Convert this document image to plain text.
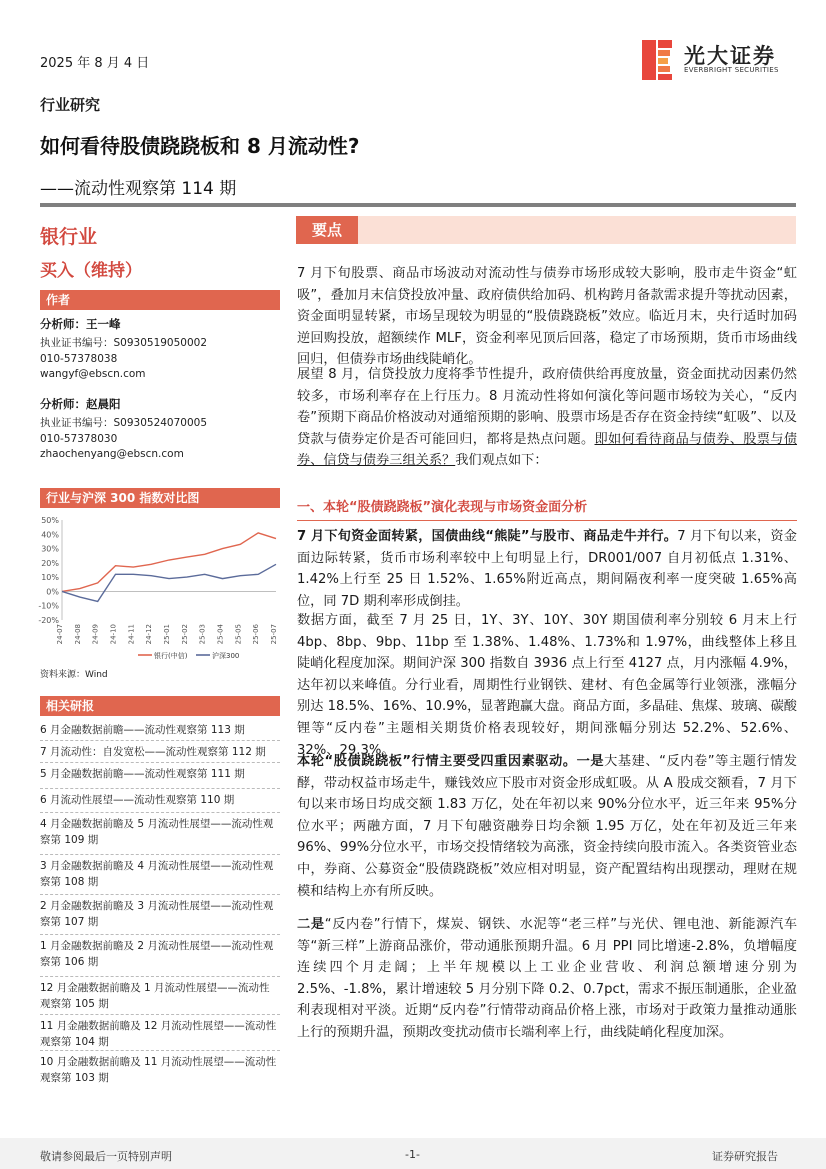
2025 年 8 月 4 日	光大证券
EVERBRIGHT SECURITIES
行业研究
如何看待股债跷跷板和 8 月流动性?
——流动性观察第 114 期
银行业
买入（维持）
作者
分析师：王一峰
执业证书编号：S0930519050002
010-57378038
wangyf@ebscn.com
分析师：赵晨阳
执业证书编号：S0930524070005
010-57378030
zhaochenyang@ebscn.com
行业与沪深 300 指数对比图
-20%
-10%
0%
10%
20%
30%
40%
50%
24-07 24-08 24-09 24-10 24-11 24-12 25-01 25-02 25-03 25-04 25-05 25-06 25-07
银行(中信)	沪深300
资料来源：Wind
相关研报
6 月金融数据前瞻——流动性观察第 113 期
7 月流动性：自发宽松——流动性观察第 112 期
5 月金融数据前瞻——流动性观察第 111 期
6 月流动性展望——流动性观察第 110 期
4 月金融数据前瞻及 5 月流动性展望——流动性观察第 109 期
3 月金融数据前瞻及 4 月流动性展望——流动性观察第 108 期
2 月金融数据前瞻及 3 月流动性展望——流动性观察第 107 期
1 月金融数据前瞻及 2 月流动性展望——流动性观察第 106 期
12 月金融数据前瞻及 1 月流动性展望——流动性观察第 105 期
11 月金融数据前瞻及 12 月流动性展望——流动性观察第 104 期
10 月金融数据前瞻及 11 月流动性展望——流动性观察第 103 期
要点
7 月下旬股票、商品市场波动对流动性与债券市场形成较大影响，股市走牛资金“虹吸”，叠加月末信贷投放冲量、政府债供给加码、机构跨月备款需求提升等扰动因素，资金面明显转紧，市场呈现较为明显的“股债跷跷板”效应。临近月末，央行适时加码逆回购投放，超额续作 MLF，资金利率见顶后回落，稳定了市场预期，货币市场曲线回归，但债券市场曲线陡峭化。
展望 8 月，信贷投放力度将季节性提升，政府债供给再度放量，资金面扰动因素仍然较多，市场利率存在上行压力。8 月流动性将如何演化等问题市场较为关心，“反内卷”预期下商品价格波动对通缩预期的影响、股票市场是否存在资金持续“虹吸”、以及贷款与债券定价是否可能回归，都将是热点问题。即如何看待商品与债券、股票与债券、信贷与债券三组关系？我们观点如下：
一、本轮“股债跷跷板”演化表现与市场资金面分析
7 月下旬资金面转紧，国债曲线“熊陡”与股市、商品走牛并行。7 月下旬以来，资金面边际转紧，货币市场利率较中上旬明显上行，DR001/007 自月初低点 1.31%、1.42%上行至 25 日 1.52%、1.65%附近高点，期间隔夜利率一度突破 1.65%高位，同 7D 期利率形成倒挂。
数据方面，截至 7 月 25 日，1Y、3Y、10Y、30Y 期国债利率分别较 6 月末上行 4bp、8bp、9bp、11bp 至 1.38%、1.48%、1.73%和 1.97%，曲线整体上移且陡峭化程度加深。期间沪深 300 指数自 3936 点上行至 4127 点，月内涨幅 4.9%，达年初以来峰值。分行业看，周期性行业钢铁、建材、有色金属等行业领涨，涨幅分别达 18.5%、16%、10.9%，显著跑赢大盘。商品方面，多晶硅、焦煤、玻璃、碳酸锂等“反内卷”主题相关期货价格表现较好，期间涨幅分别达 52.2%、52.6%、32%、29.3%。
本轮“股债跷跷板”行情主要受四重因素驱动。一是大基建、“反内卷”等主题行情发酵，带动权益市场走牛，赚钱效应下股市对资金形成虹吸。从 A 股成交额看，7 月下旬以来市场日均成交额 1.83 万亿，处在年初以来 90%分位水平，近三年来 95%分位水平；两融方面，7 月下旬融资融券日均余额 1.95 万亿，处在年初及近三年来 96%、99%分位水平，市场交投情绪较为高涨，资金持续向股市流入。各类资管业态中，券商、公募资金“股债跷跷板”效应相对明显，资产配置结构出现摆动，理财在规模和结构上亦有所反映。
二是“反内卷”行情下，煤炭、钢铁、水泥等“老三样”与光伏、锂电池、新能源汽车等“新三样”上游商品涨价，带动通胀预期升温。6 月 PPI 同比增速-2.8%，负增幅度连续四个月走阔；上半年规模以上工业企业营收、利润总额增速分别为 2.5%、-1.8%，累计增速较 5 月分别下降 0.2、0.7pct，需求不振压制通胀，企业盈利表现相对平淡。近期“反内卷”行情带动商品价格上涨，市场对于政策力量推动通胀上行的预期升温，预期改变扰动债市长端利率上行，曲线陡峭化程度加深。
敬请参阅最后一页特别声明	-1-	证券研究报告
